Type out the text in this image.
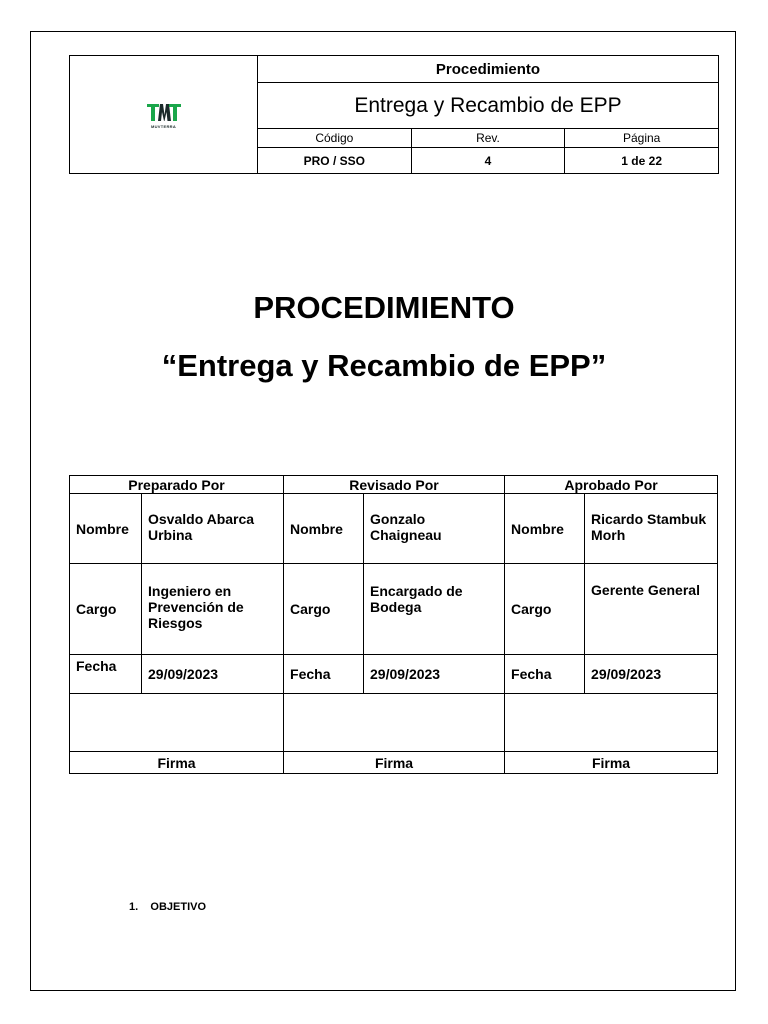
MUVTERRA	Procedimiento		
	Entrega y Recambio de EPP		
	Código	Rev.	Página
	PRO / SSO	4	1 de 22
PROCEDIMIENTO
“Entrega y Recambio de EPP”
Preparado Por		Revisado Por		Aprobado Por	
Nombre	Osvaldo Abarca Urbina	Nombre	Gonzalo Chaigneau	Nombre	Ricardo Stambuk Morh
Cargo	Ingeniero en Prevención de Riesgos	Cargo	Encargado de Bodega	Cargo	Gerente General
Fecha	29/09/2023	Fecha	29/09/2023	Fecha	29/09/2023

Firma		Firma		Firma	
1. OBJETIVO
